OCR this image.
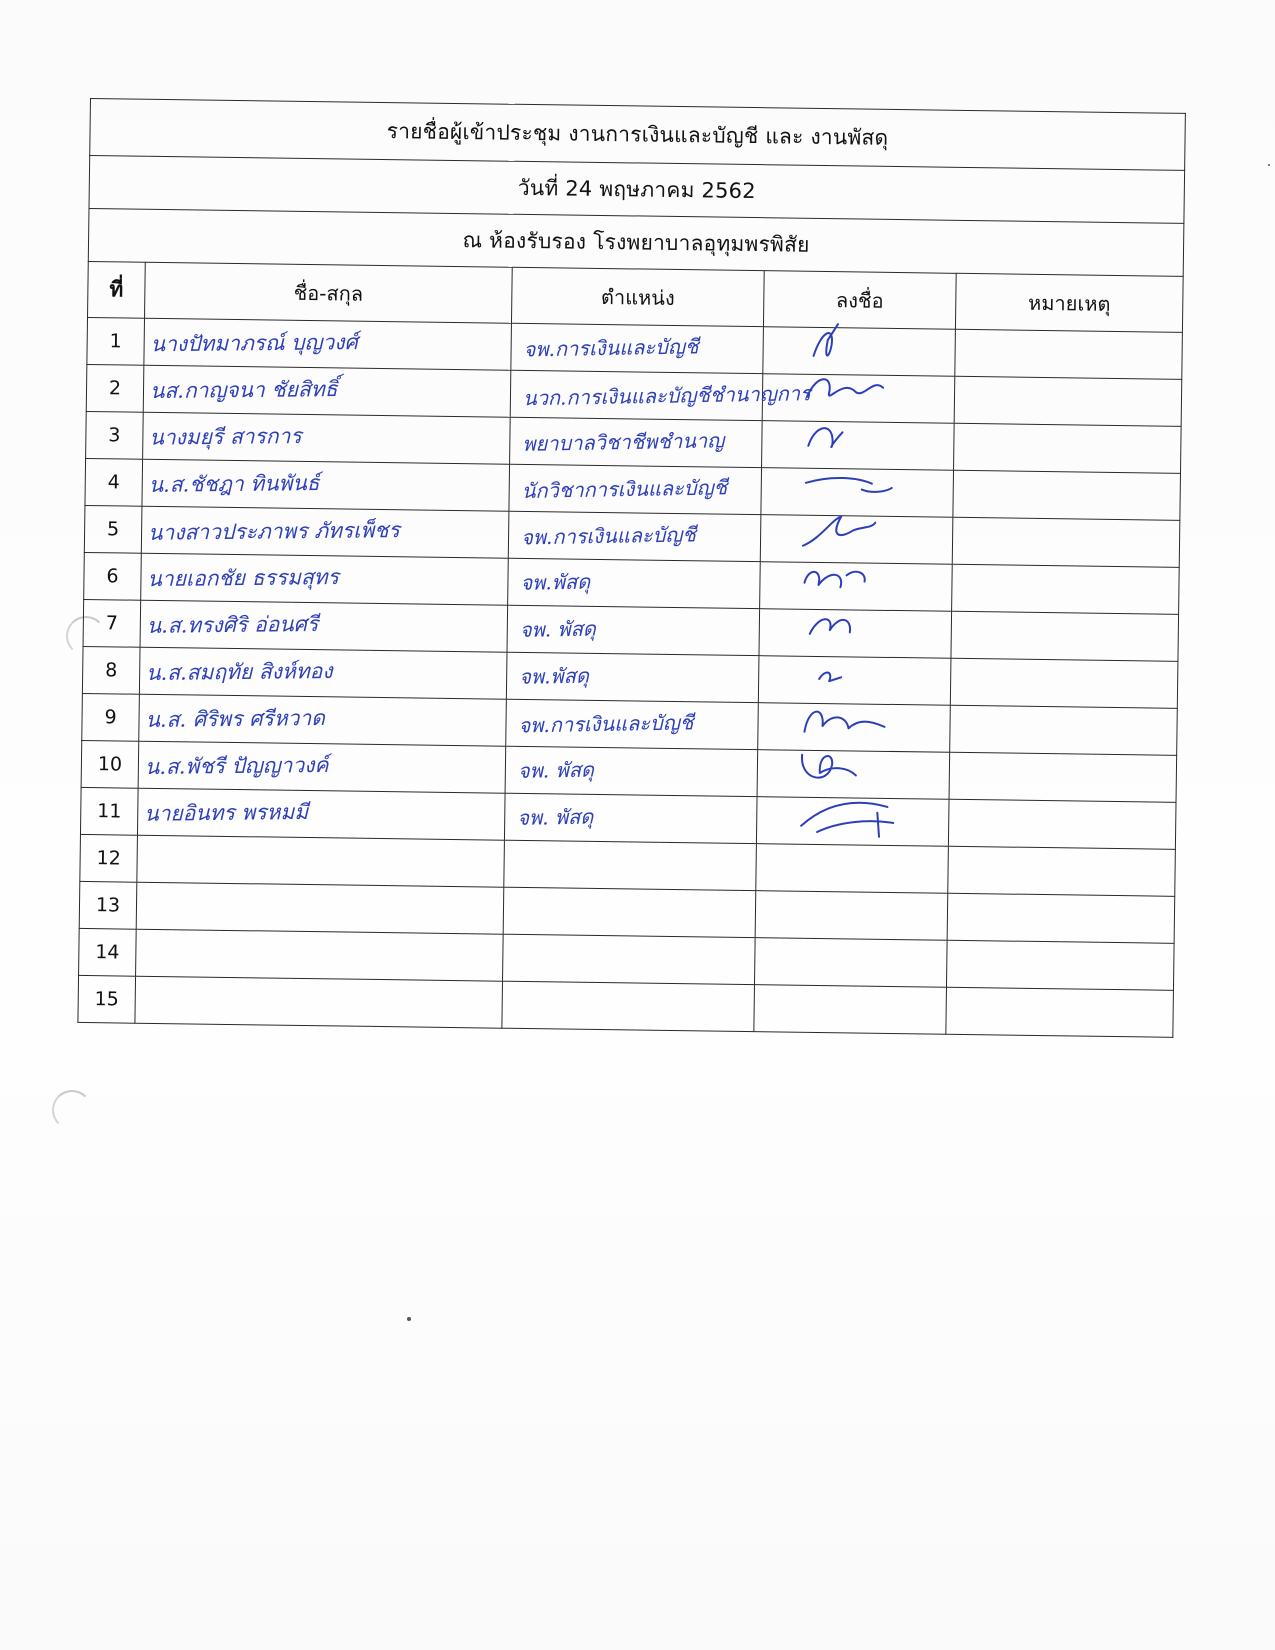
รายชื่อผู้เข้าประชุม งานการเงินและบัญชี และ งานพัสดุ				
วันที่ 24 พฤษภาคม 2562				
ณ ห้องรับรอง โรงพยาบาลอุทุมพรพิสัย				
ที่	ชื่อ-สกุล	ตำแหน่ง	ลงชื่อ	หมายเหตุ
1	นางปัทมาภรณ์ บุญวงศ์	จพ.การเงินและบัญชี	

2	นส.กาญจนา ชัยสิทธิ์	นวก.การเงินและบัญชีชำนาญการ	

3	นางมยุรี สารการ	พยาบาลวิชาชีพชำนาญ	

4	น.ส.ชัชฎา ทินพันธ์	นักวิชาการเงินและบัญชี	

5	นางสาวประภาพร ภัทรเพ็ชร	จพ.การเงินและบัญชี	

6	นายเอกชัย ธรรมสุทร	จพ.พัสดุ	

7	น.ส.ทรงศิริ อ่อนศรี	จพ. พัสดุ	

8	น.ส.สมฤทัย สิงห์ทอง	จพ.พัสดุ	

9	น.ส. ศิริพร ศรีหวาด	จพ.การเงินและบัญชี	

10	น.ส.พัชรี ปัญญาวงค์	จพ. พัสดุ	

11	นายอินทร พรหมมี	จพ. พัสดุ	

12				
13				
14				
15				
